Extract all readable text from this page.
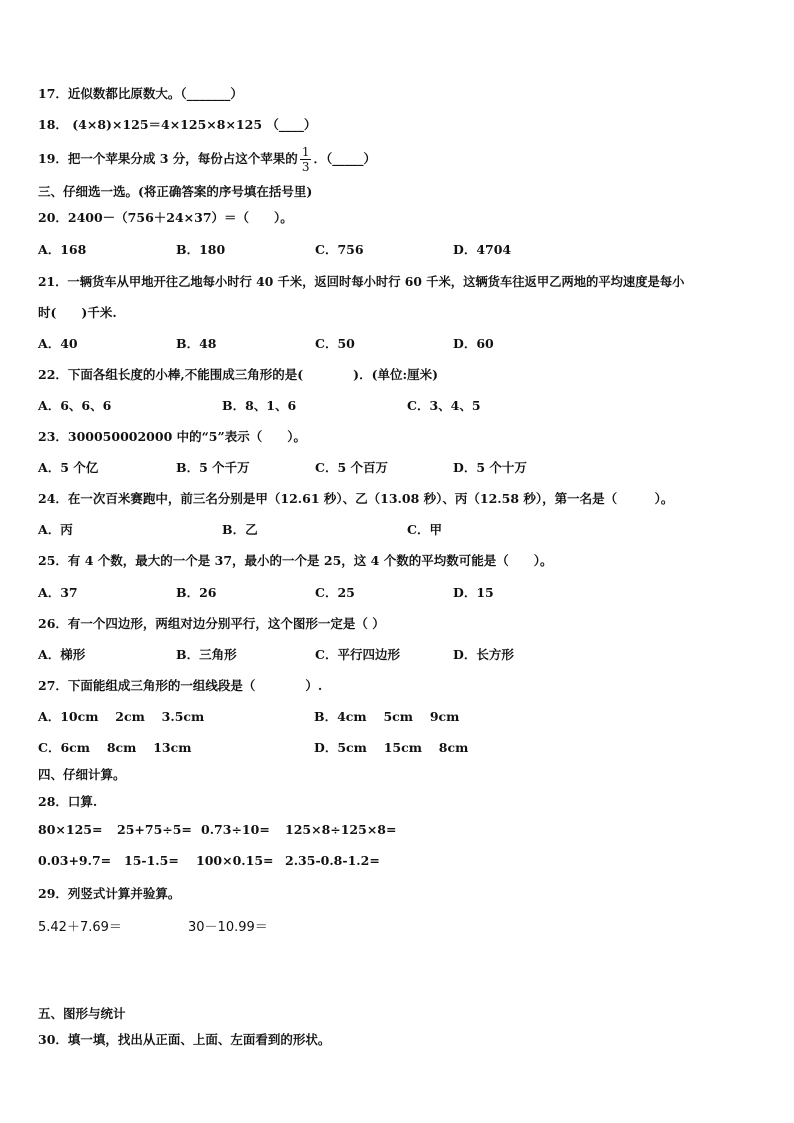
17．近似数都比原数大。（_______）
18． (4×8)×125＝4×125×8×125 （____）
19．把一个苹果分成 3 分，每份占这个苹果的 $\frac{1}{3}$ ．（_____）
三、仔细选一选。(将正确答案的序号填在括号里)
20．2400－（756＋24×37）＝（　　）。
A．168	B．180	C．756	D．4704
21．一辆货车从甲地开往乙地每小时行 40 千米，返回时每小时行 60 千米，这辆货车往返甲乙两地的平均速度是每小
时(　　)千米.
A．40	B．48	C．50	D．60
22．下面各组长度的小棒,不能围成三角形的是(　　　　)．(单位:厘米)
A．6、6、6	B．8、1、6	C．3、4、5
23．300050002000 中的“5”表示（　　）。
A．5 个亿	B．5 个千万	C．5 个百万	D．5 个十万
24．在一次百米赛跑中，前三名分别是甲（12.61 秒）、乙（13.08 秒）、丙（12.58 秒），第一名是（　　　）。
A．丙	B．乙	C．甲
25．有 4 个数，最大的一个是 37，最小的一个是 25，这 4 个数的平均数可能是（　　）。
A．37	B．26	C．25	D．15
26．有一个四边形，两组对边分别平行，这个图形一定是（ ）
A．梯形	B．三角形	C．平行四边形	D．长方形
27．下面能组成三角形的一组线段是（　　　　）.
A．10cm　 2cm　 3.5cm	B．4cm　 5cm　 9cm
C．6cm　 8cm　 13cm	D．5cm　 15cm　 8cm
四、仔细计算。
28．口算.
80×125= 25+75÷5= 0.73÷10= 125×8÷125×8=
0.03+9.7= 15-1.5= 100×0.15= 2.35-0.8-1.2=
29．列竖式计算并验算。
5.42＋7.69＝	30－10.99＝
五、图形与统计
30．填一填，找出从正面、上面、左面看到的形状。
